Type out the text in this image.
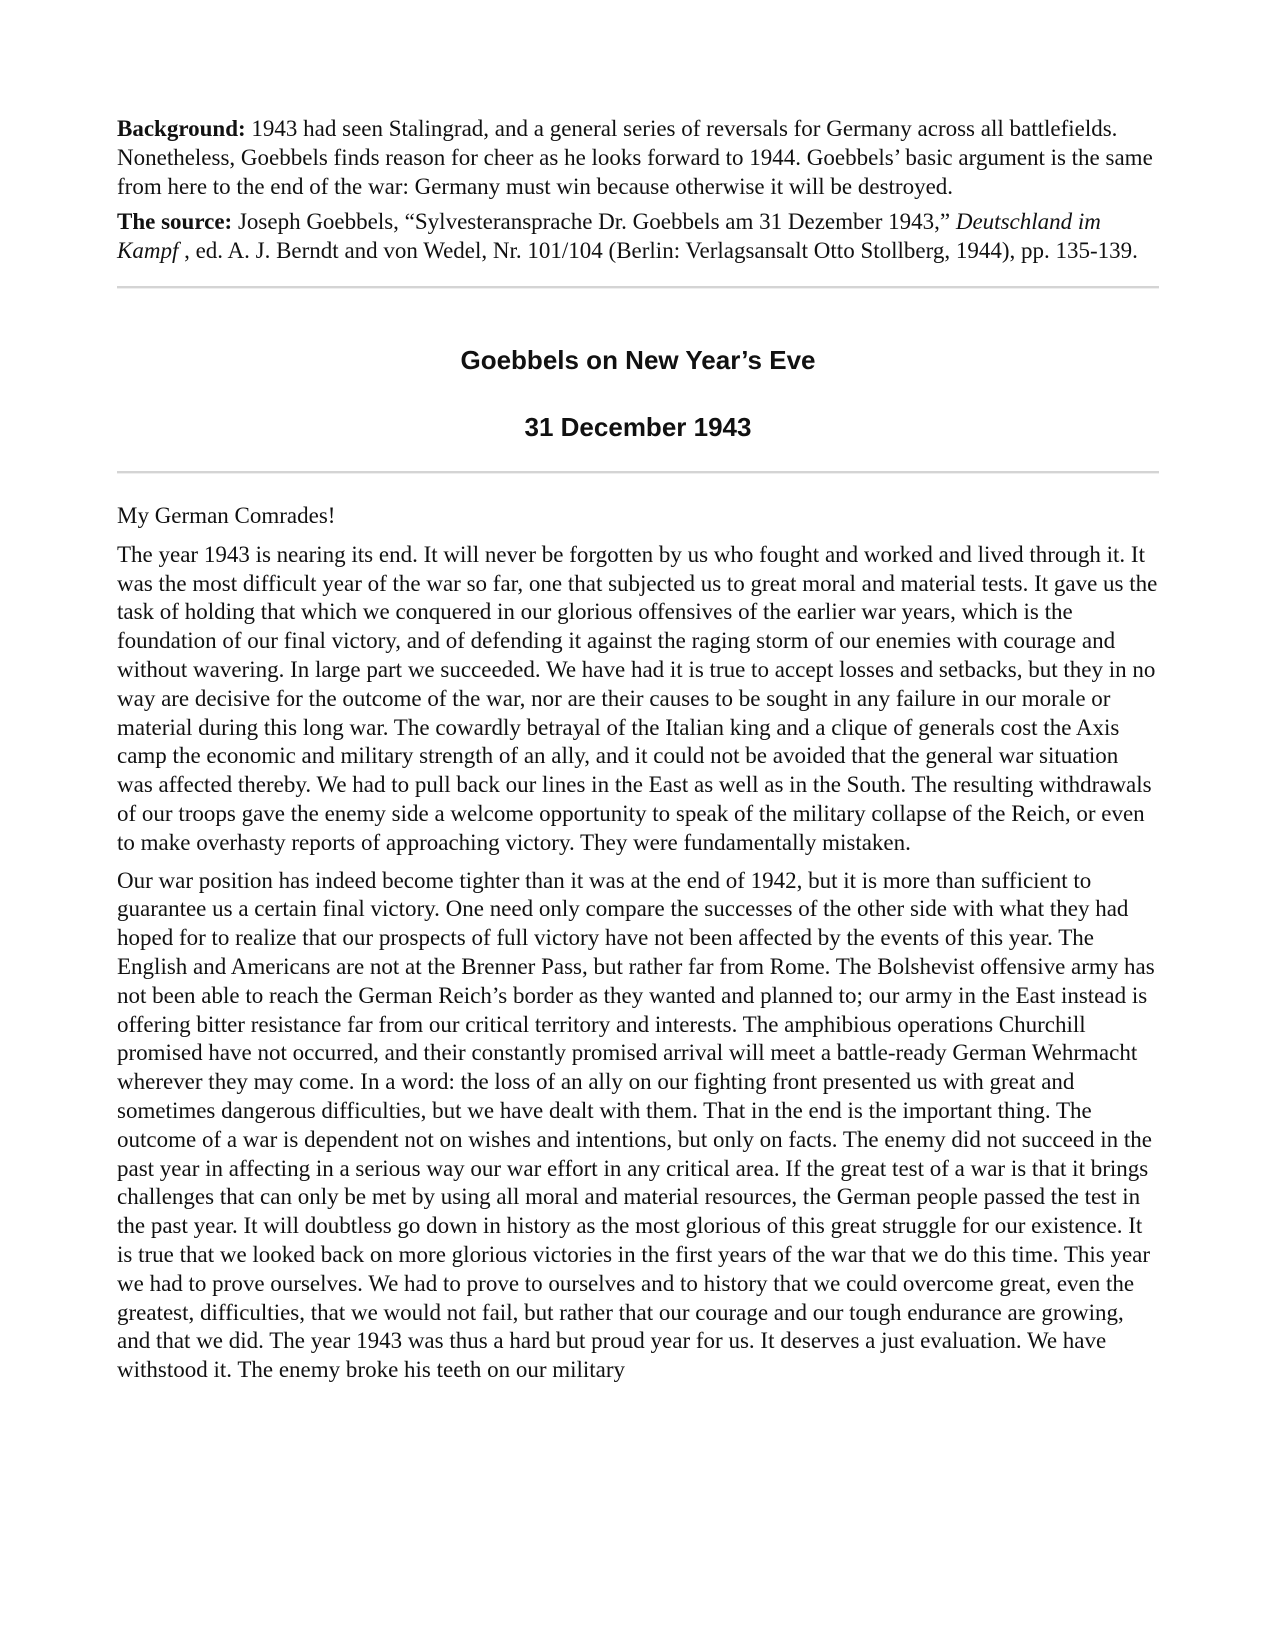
Background: 1943 had seen Stalingrad, and a general series of reversals for Germany across all battlefields. Nonetheless, Goebbels finds reason for cheer as he looks forward to 1944. Goebbels’ basic argument is the same from here to the end of the war: Germany must win because otherwise it will be destroyed.

The source: Joseph Goebbels, “Sylvesteransprache Dr. Goebbels am 31 Dezember 1943,” Deutschland im Kampf , ed. A. J. Berndt and von Wedel, Nr. 101/104 (Berlin: Verlagsansalt Otto Stollberg, 1944), pp. 135-139.

Goebbels on New Year’s Eve
31 December 1943

My German Comrades!

The year 1943 is nearing its end. It will never be forgotten by us who fought and worked and lived through it. It was the most difficult year of the war so far, one that subjected us to great moral and material tests. It gave us the task of holding that which we conquered in our glorious offensives of the earlier war years, which is the foundation of our final victory, and of defending it against the raging storm of our enemies with courage and without wavering. In large part we succeeded. We have had it is true to accept losses and setbacks, but they in no way are decisive for the outcome of the war, nor are their causes to be sought in any failure in our morale or material during this long war. The cowardly betrayal of the Italian king and a clique of generals cost the Axis camp the economic and military strength of an ally, and it could not be avoided that the general war situation was affected thereby. We had to pull back our lines in the East as well as in the South. The resulting withdrawals of our troops gave the enemy side a welcome opportunity to speak of the military collapse of the Reich, or even to make overhasty reports of approaching victory. They were fundamentally mistaken.

Our war position has indeed become tighter than it was at the end of 1942, but it is more than sufficient to guarantee us a certain final victory. One need only compare the successes of the other side with what they had hoped for to realize that our prospects of full victory have not been affected by the events of this year. The English and Americans are not at the Brenner Pass, but rather far from Rome. The Bolshevist offensive army has not been able to reach the German Reich’s border as they wanted and planned to; our army in the East instead is offering bitter resistance far from our critical territory and interests. The amphibious operations Churchill promised have not occurred, and their constantly promised arrival will meet a battle-ready German Wehrmacht wherever they may come. In a word: the loss of an ally on our fighting front presented us with great and sometimes dangerous difficulties, but we have dealt with them. That in the end is the important thing. The outcome of a war is dependent not on wishes and intentions, but only on facts. The enemy did not succeed in the past year in affecting in a serious way our war effort in any critical area. If the great test of a war is that it brings challenges that can only be met by using all moral and material resources, the German people passed the test in the past year. It will doubtless go down in history as the most glorious of this great struggle for our existence. It is true that we looked back on more glorious victories in the first years of the war that we do this time. This year we had to prove ourselves. We had to prove to ourselves and to history that we could overcome great, even the greatest, difficulties, that we would not fail, but rather that our courage and our tough endurance are growing, and that we did. The year 1943 was thus a hard but proud year for us. It deserves a just evaluation. We have withstood it. The enemy broke his teeth on our military
